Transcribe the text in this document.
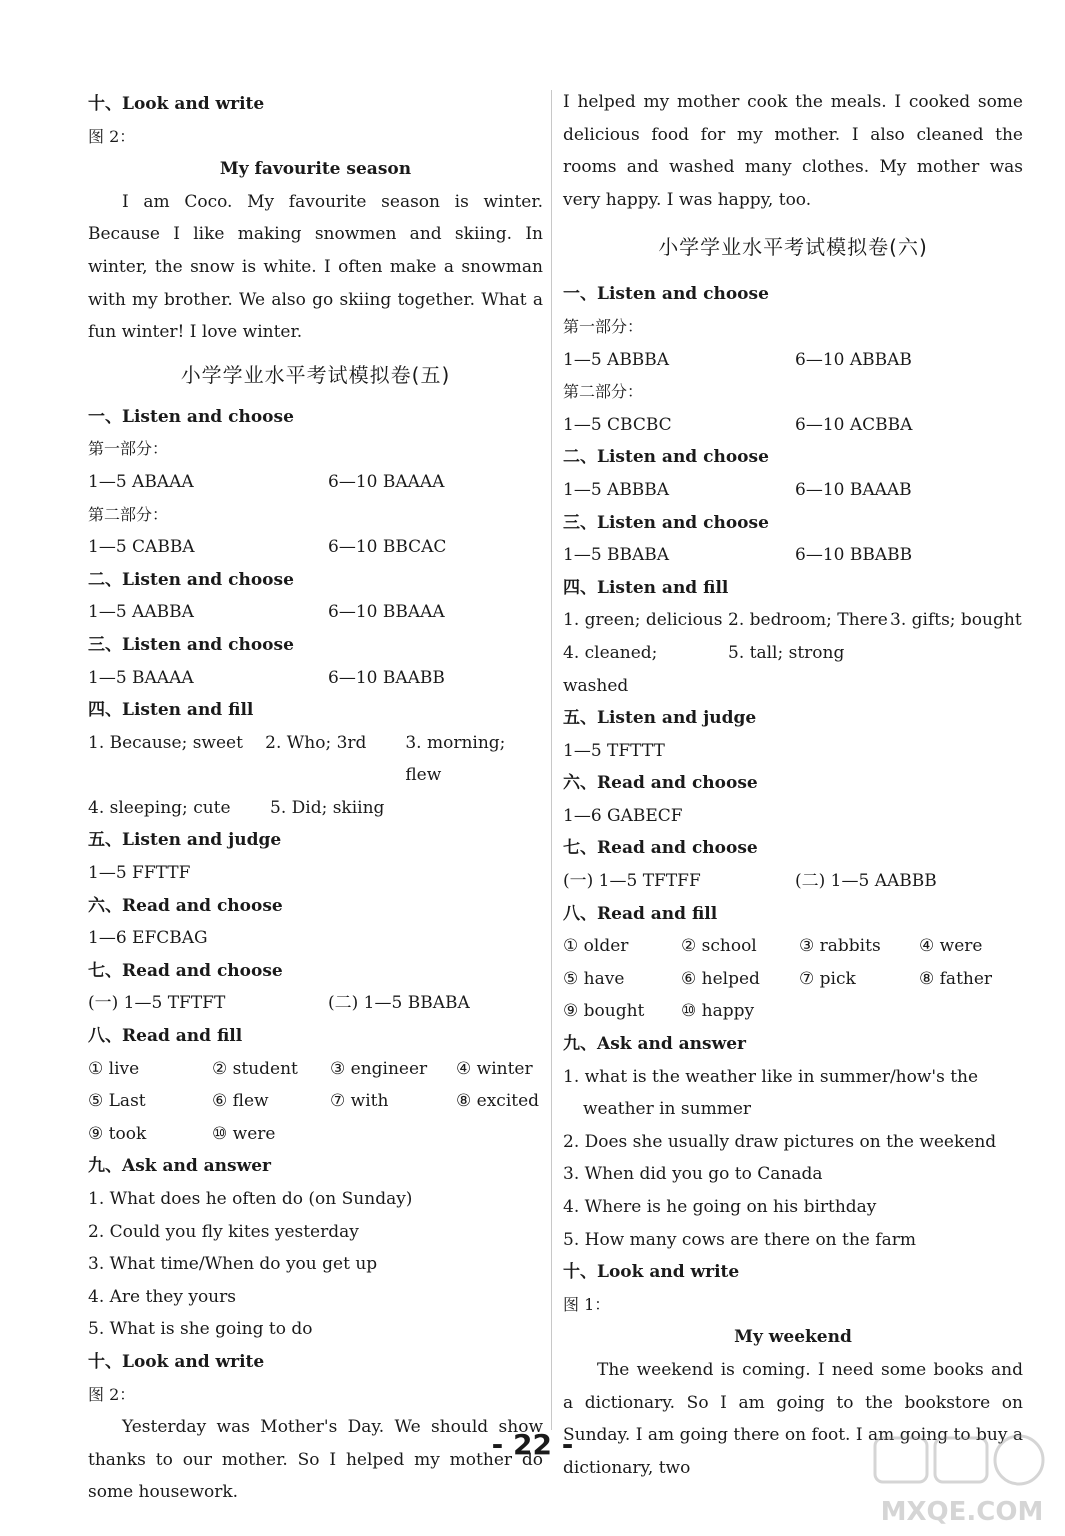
十、Look and write
图 2：
My favourite season
I am Coco. My favourite season is winter. Because I like making snowmen and skiing. In winter, the snow is white. I often make a snowman with my brother. We also go skiing together. What a fun winter! I love winter.
小学学业水平考试模拟卷(五)
一、Listen and choose
第一部分：
1—5 ABAAA	6—10 BAAAA
第二部分：
1—5 CABBA	6—10 BBCAC
二、Listen and choose
1—5 AABBA	6—10 BBAAA
三、Listen and choose
1—5 BAAAA	6—10 BAABB
四、Listen and fill
1. Because; sweet	2. Who; 3rd	3. morning; flew
4. sleeping; cute	5. Did; skiing
五、Listen and judge
1—5 FFTTF
六、Read and choose
1—6 EFCBAG
七、Read and choose
(一) 1—5 TFTFT	(二) 1—5 BBABA
八、Read and fill
① live	② student	③ engineer	④ winter
⑤ Last	⑥ flew	⑦ with	⑧ excited
⑨ took	⑩ were
九、Ask and answer
1. What does he often do (on Sunday)
2. Could you fly kites yesterday
3. What time/When do you get up
4. Are they yours
5. What is she going to do
十、Look and write
图 2：
Yesterday was Mother's Day. We should show thanks to our mother. So I helped my mother do some housework.
I helped my mother cook the meals. I cooked some delicious food for my mother. I also cleaned the rooms and washed many clothes. My mother was very happy. I was happy, too.
小学学业水平考试模拟卷(六)
一、Listen and choose
第一部分：
1—5 ABBBA	6—10 ABBAB
第二部分：
1—5 CBCBC	6—10 ACBBA
二、Listen and choose
1—5 ABBBA	6—10 BAAAB
三、Listen and choose
1—5 BBABA	6—10 BBABB
四、Listen and fill
1. green; delicious 2. bedroom; There 3. gifts; bought
4. cleaned; washed
5. tall; strong
五、Listen and judge
1—5 TFTTT
六、Read and choose
1—6 GABECF
七、Read and choose
(一) 1—5 TFTFF	(二) 1—5 AABBB
八、Read and fill
① older	② school	③ rabbits	④ were
⑤ have	⑥ helped	⑦ pick	⑧ father
⑨ bought	⑩ happy
九、Ask and answer
1. what is the weather like in summer/how's the weather in summer
2. Does she usually draw pictures on the weekend
3. When did you go to Canada
4. Where is he going on his birthday
5. How many cows are there on the farm
十、Look and write
图 1：
My weekend
The weekend is coming. I need some books and a dictionary. So I am going to the bookstore on Sunday. I am going there on foot. I am going to buy a dictionary, two
- 22 -
MXQE.COM
